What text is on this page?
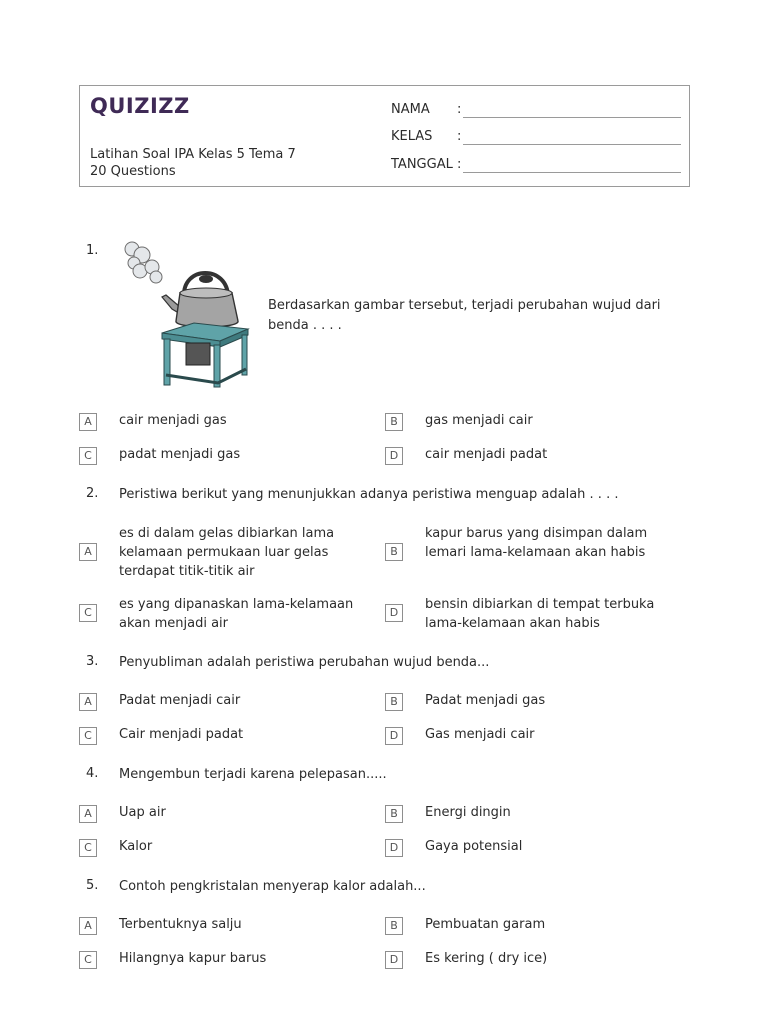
QUIZIZZ
Latihan Soal IPA Kelas 5 Tema 7
20 Questions
NAMA :
KELAS :
TANGGAL :
1.
Berdasarkan gambar tersebut, terjadi perubahan wujud dari benda . . . .
A	cair menjadi gas	B	gas menjadi cair
C	padat menjadi gas	D	cair menjadi padat
2. Peristiwa berikut yang menunjukkan adanya peristiwa menguap adalah . . . .
A
es di dalam gelas dibiarkan lama kelamaan permukaan luar gelas terdapat titik-titik air
B
kapur barus yang disimpan dalam lemari lama-kelamaan akan habis
C
es yang dipanaskan lama-kelamaan akan menjadi air
D
bensin dibiarkan di tempat terbuka lama-kelamaan akan habis
3. Penyubliman adalah peristiwa perubahan wujud benda...
A	Padat menjadi cair	B	Padat menjadi gas
C	Cair menjadi padat	D	Gas menjadi cair
4. Mengembun terjadi karena pelepasan.....
A	Uap air	B	Energi dingin
C	Kalor	D	Gaya potensial
5. Contoh pengkristalan menyerap kalor adalah...
A	Terbentuknya salju	B	Pembuatan garam
C	Hilangnya kapur barus	D	Es kering ( dry ice)
